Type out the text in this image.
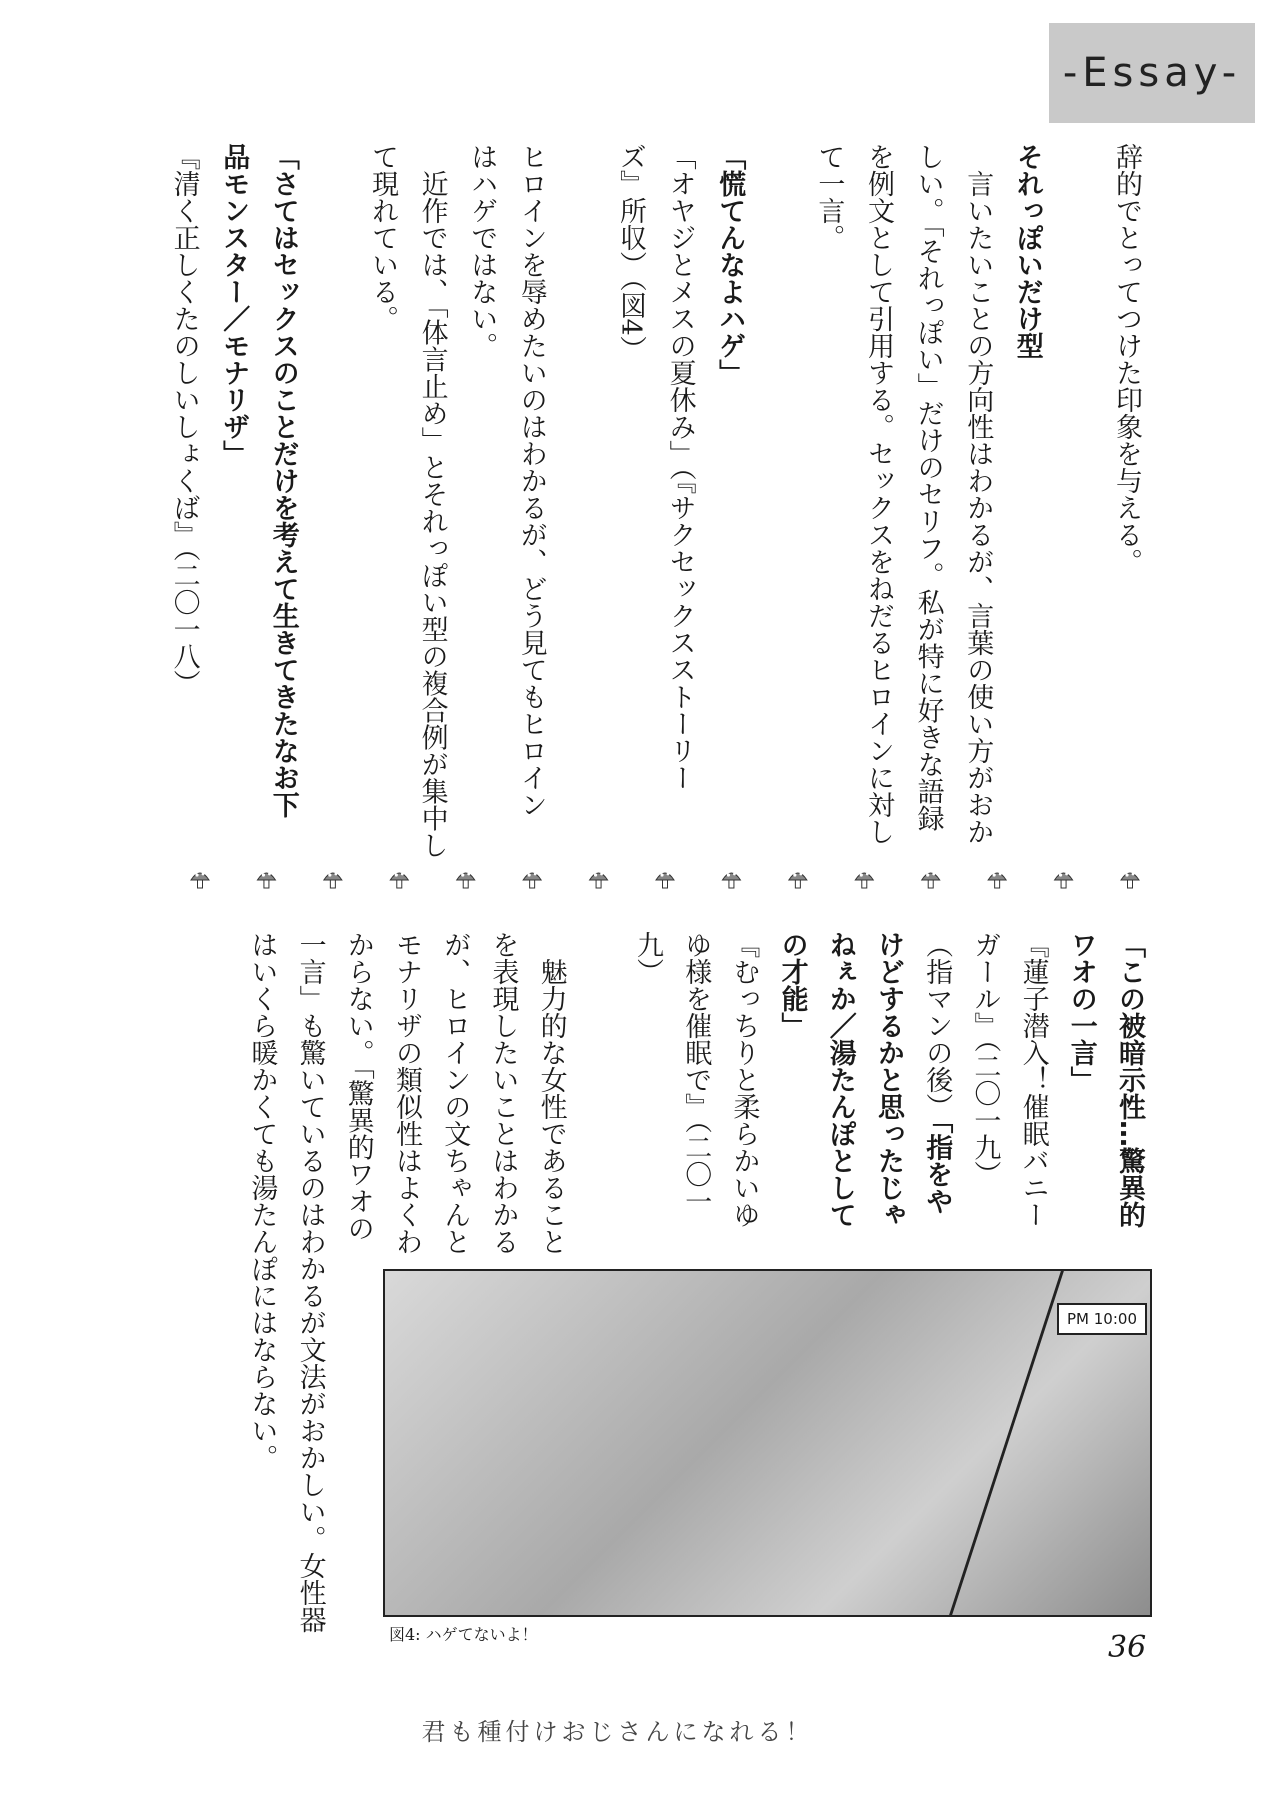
-Essay-
辞的でとってつけた印象を与える。
それっぽいだけ型
　言いたいことの方向性はわかるが、言葉の使い方がおか
しい。「それっぽい」だけのセリフ。私が特に好きな語録
を例文として引用する。セックスをねだるヒロインに対し
て一言。
「慌てんなよハゲ」
「オヤジとメスの夏休み」（『サクセックスストーリー
ズ』所収）（図4）
ヒロインを辱めたいのはわかるが、どう見てもヒロイン
はハゲではない。
　近作では、「体言止め」とそれっぽい型の複合例が集中し
て現れている。
「さてはセックスのことだけを考えて生きてきたなお下
品モンスター／モナリザ」
『清く正しくたのしいしょくば』（二〇一八）
「この被暗示性…驚異的
ワオの一言」
『蓮子潜入！催眠バニー
ガール』（二〇一九）
（指マンの後）「指をや
けどするかと思ったじゃ
ねぇか／湯たんぽとして
の才能」
『むっちりと柔らかいゆ
ゆ様を催眠で』（二〇一
九）
　魅力的な女性であること
を表現したいことはわかる
が、ヒロインの文ちゃんと
モナリザの類似性はよくわ
からない。「驚異的ワオの
一言」も驚いているのはわかるが文法がおかしい。女性器
はいくら暖かくても湯たんぽにはならない。	PM 10:00
図4: ハゲてないよ！	36
君も種付けおじさんになれる！
